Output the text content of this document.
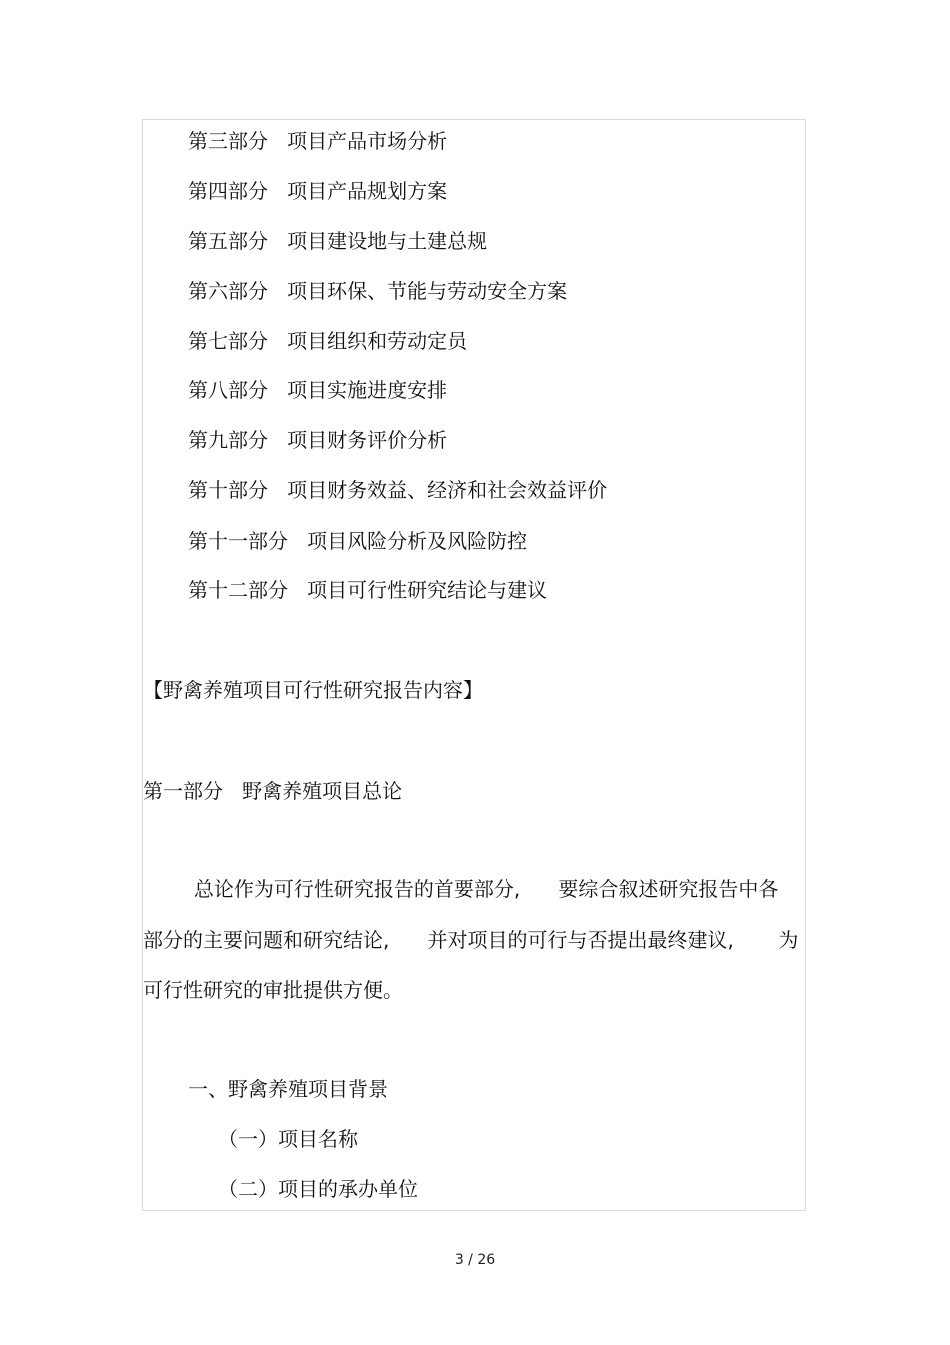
第三部分   项目产品市场分析

第四部分   项目产品规划方案

第五部分   项目建设地与土建总规

第六部分   项目环保、节能与劳动安全方案

第七部分   项目组织和劳动定员

第八部分   项目实施进度安排

第九部分   项目财务评价分析

第十部分   项目财务效益、经济和社会效益评价

第十一部分   项目风险分析及风险防控

第十二部分   项目可行性研究结论与建议

【野禽养殖项目可行性研究报告内容】

第一部分   野禽养殖项目总论

总论作为可行性研究报告的首要部分,      要综合叙述研究报告中各

部分的主要问题和研究结论,      并对项目的可行与否提出最终建议,       为

可行性研究的审批提供方便。

一、野禽养殖项目背景

（一）项目名称

（二）项目的承办单位

3 / 26
